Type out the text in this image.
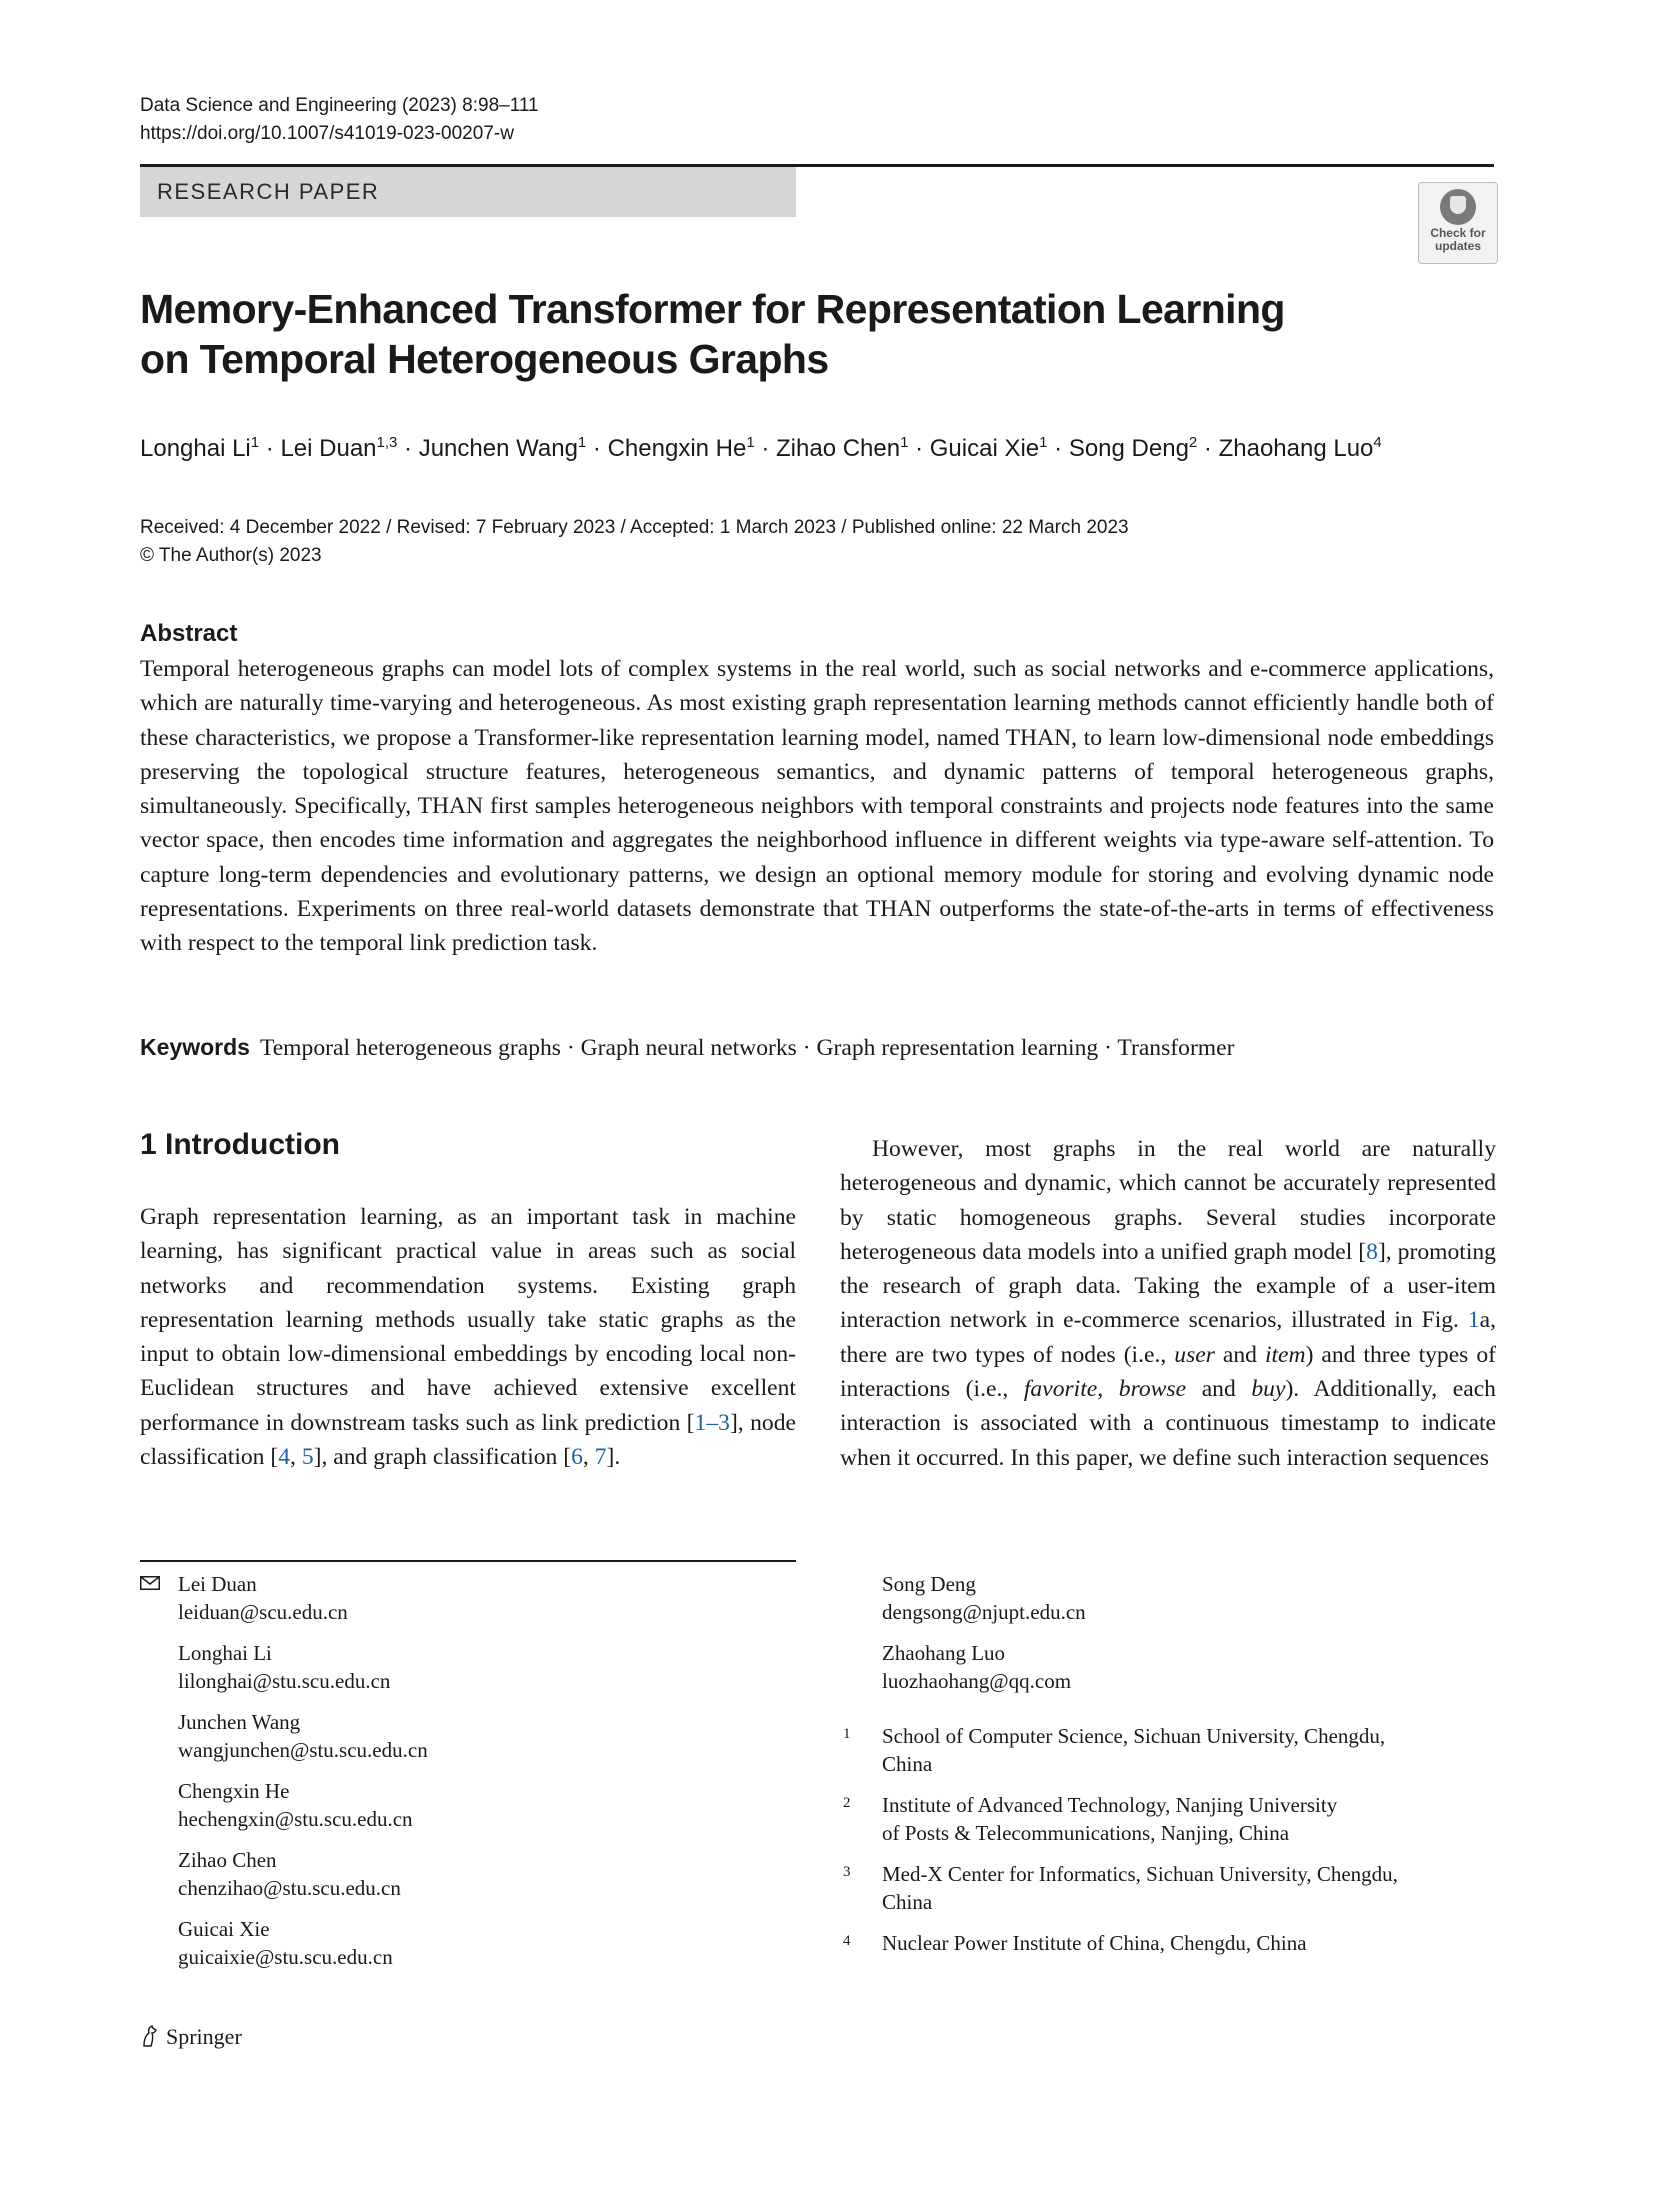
Data Science and Engineering (2023) 8:98–111
https://doi.org/10.1007/s41019-023-00207-w
RESEARCH PAPER
Check for
updates
Memory-Enhanced Transformer for Representation Learning
on Temporal Heterogeneous Graphs
Longhai $Li^1$ · Lei Duan$^{1,3}$ · Junchen Wang$^1$ · Chengxin $He^1$ · Zihao Chen$^1$ · Guicai Xie$^1$ · Song Deng$^2$ · Zhaohang Luo$^4$
Received: 4 December 2022 / Revised: 7 February 2023 / Accepted: 1 March 2023 / Published online: 22 March 2023
© The Author(s) 2023
Abstract
Temporal heterogeneous graphs can model lots of complex systems in the real world, such as social networks and e-commerce applications, which are naturally time-varying and heterogeneous. As most existing graph representation learning methods cannot efficiently handle both of these characteristics, we propose a Transformer-like representation learning model, named THAN, to learn low-dimensional node embeddings preserving the topological structure features, heterogeneous semantics, and dynamic patterns of temporal heterogeneous graphs, simultaneously. Specifically, THAN first samples heterogeneous neighbors with temporal constraints and projects node features into the same vector space, then encodes time information and aggregates the neighborhood influence in different weights via type-aware self-attention. To capture long-term dependencies and evolutionary patterns, we design an optional memory module for storing and evolving dynamic node representations. Experiments on three real-world datasets demonstrate that THAN outperforms the state-of-the-arts in terms of effectiveness with respect to the temporal link prediction task.
Keywords Temporal heterogeneous graphs · Graph neural networks · Graph representation learning · Transformer
1 Introduction

Graph representation learning, as an important task in machine learning, has significant practical value in areas such as social networks and recommendation systems. Existing graph representation learning methods usually take static graphs as the input to obtain low-dimensional embeddings by encoding local non-Euclidean structures and have achieved extensive excellent performance in downstream tasks such as link prediction [1–3], node classification [4, 5], and graph classification [6, 7].

However, most graphs in the real world are naturally heterogeneous and dynamic, which cannot be accurately represented by static homogeneous graphs. Several studies incorporate heterogeneous data models into a unified graph model [8], promoting the research of graph data. Taking the example of a user-item interaction network in e-commerce scenarios, illustrated in Fig. 1a, there are two types of nodes (i.e., user and item) and three types of interactions (i.e., favorite, browse and buy). Additionally, each interaction is associated with a continuous timestamp to indicate when it occurred. In this paper, we define such interaction sequences

Lei Duan
leiduan@scu.edu.cn
Longhai Li
lilonghai@stu.scu.edu.cn
Junchen Wang
wangjunchen@stu.scu.edu.cn
Chengxin He
hechengxin@stu.scu.edu.cn
Zihao Chen
chenzihao@stu.scu.edu.cn
Guicai Xie
guicaixie@stu.scu.edu.cn
Song Deng
dengsong@njupt.edu.cn
Zhaohang Luo
luozhaohang@qq.com
1 School of Computer Science, Sichuan University, Chengdu,
China
2 Institute of Advanced Technology, Nanjing University
of Posts & Telecommunications, Nanjing, China
3 Med-X Center for Informatics, Sichuan University, Chengdu,
China
4 Nuclear Power Institute of China, Chengdu, China
Springer
